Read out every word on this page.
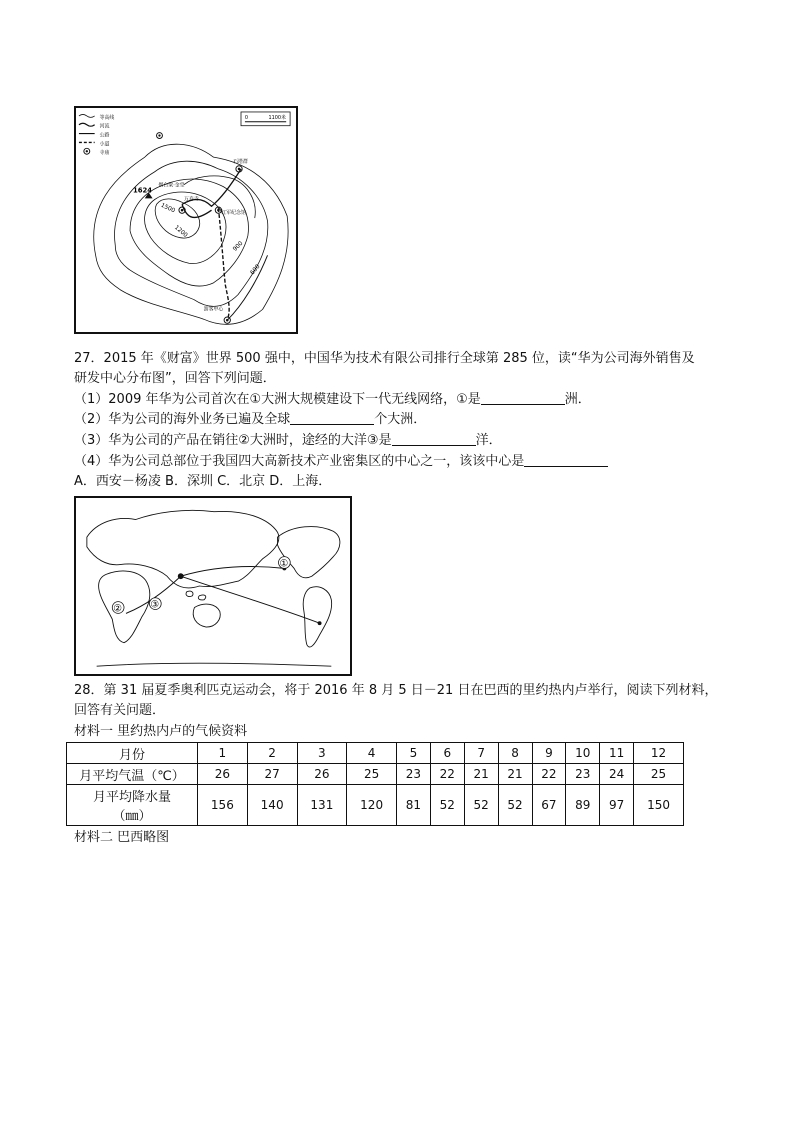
等高线
河流
公路
小道
寺庙
0	1100米
1624
1500
1200
900
600
烟台梁·金堂
万寿寺
石塔群
红军纪念馆
游客中心
27．2015 年《财富》世界 500 强中，中国华为技术有限公司排行全球第 285 位，读“华为公司海外销售及
研发中心分布图”，回答下列问题．
（1）2009 年华为公司首次在①大洲大规模建设下一代无线网络，①是	洲．
（2）华为公司的海外业务已遍及全球	个大洲．
（3）华为公司的产品在销往②大洲时，途经的大洋③是	洋．
（4）华为公司总部位于我国四大高新技术产业密集区的中心之一，该该中心是
A．西安－杨凌 B．深圳 C．北京 D．上海．
①
②	③
28．第 31 届夏季奥利匹克运动会，将于 2016 年 8 月 5 日－21 日在巴西的里约热内卢举行，阅读下列材料，
回答有关问题．
材料一 里约热内卢的气候资料
月份	1	2	3	4	5	6	7	8	9	10	11	12
月平均气温（℃）	26	27	26	25	23	22	21	21	22	23	24	25

月平均降水量
（㎜）	156	140	131	120	81	52	52	52	67	89	97	150
材料二 巴西略图
